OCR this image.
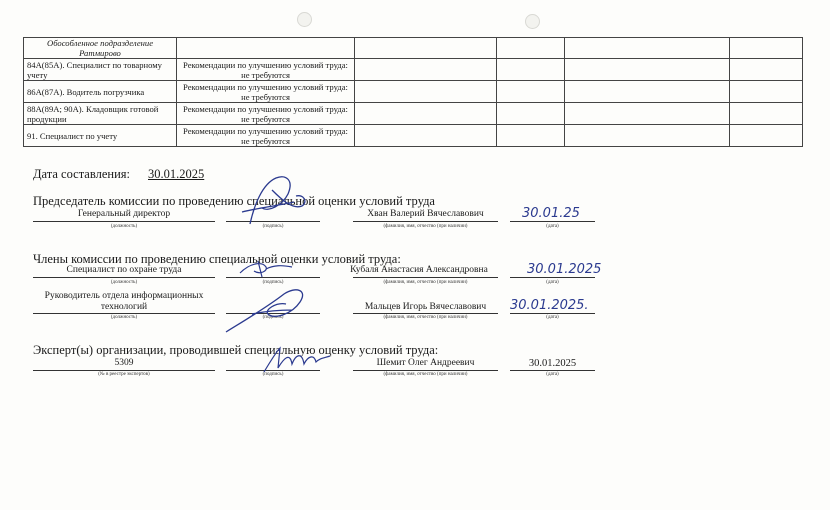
Обособленное подразделение Ратмирово					
84А(85А). Специалист по товарному учету	Рекомендации по улучшению условий труда: не требуются				
86А(87А). Водитель погрузчика	Рекомендации по улучшению условий труда: не требуются				
88А(89А; 90А). Кладовщик готовой продукции	Рекомендации по улучшению условий труда: не требуются				
91. Специалист по учету	Рекомендации по улучшению условий труда: не требуются				
Дата составления: 30.01.2025
Председатель комиссии по проведению специальной оценки условий труда
Генеральный директор
(должность)	(подпись)
Хван Валерий Вячеславович
(фамилия, имя, отчество (при наличии)
30.01.25
(дата)
Члены комиссии по проведению специальной оценки условий труда:
Специалист по охране труда
(должность)	(подпись)
Кубаля Анастасия Александровна
(фамилия, имя, отчество (при наличии)
30.01.2025
(дата)
Руководитель отдела информационных
технологий
(должность)	(подпись)
Мальцев Игорь Вячеславович
(фамилия, имя, отчество (при наличии)
30.01.2025.
(дата)
Эксперт(ы) организации, проводившей специальную оценку условий труда:
5309
(№ в реестре экспертов)	(подпись)
Шемит Олег Андреевич
(фамилия, имя, отчество (при наличии)
30.01.2025
(дата)
